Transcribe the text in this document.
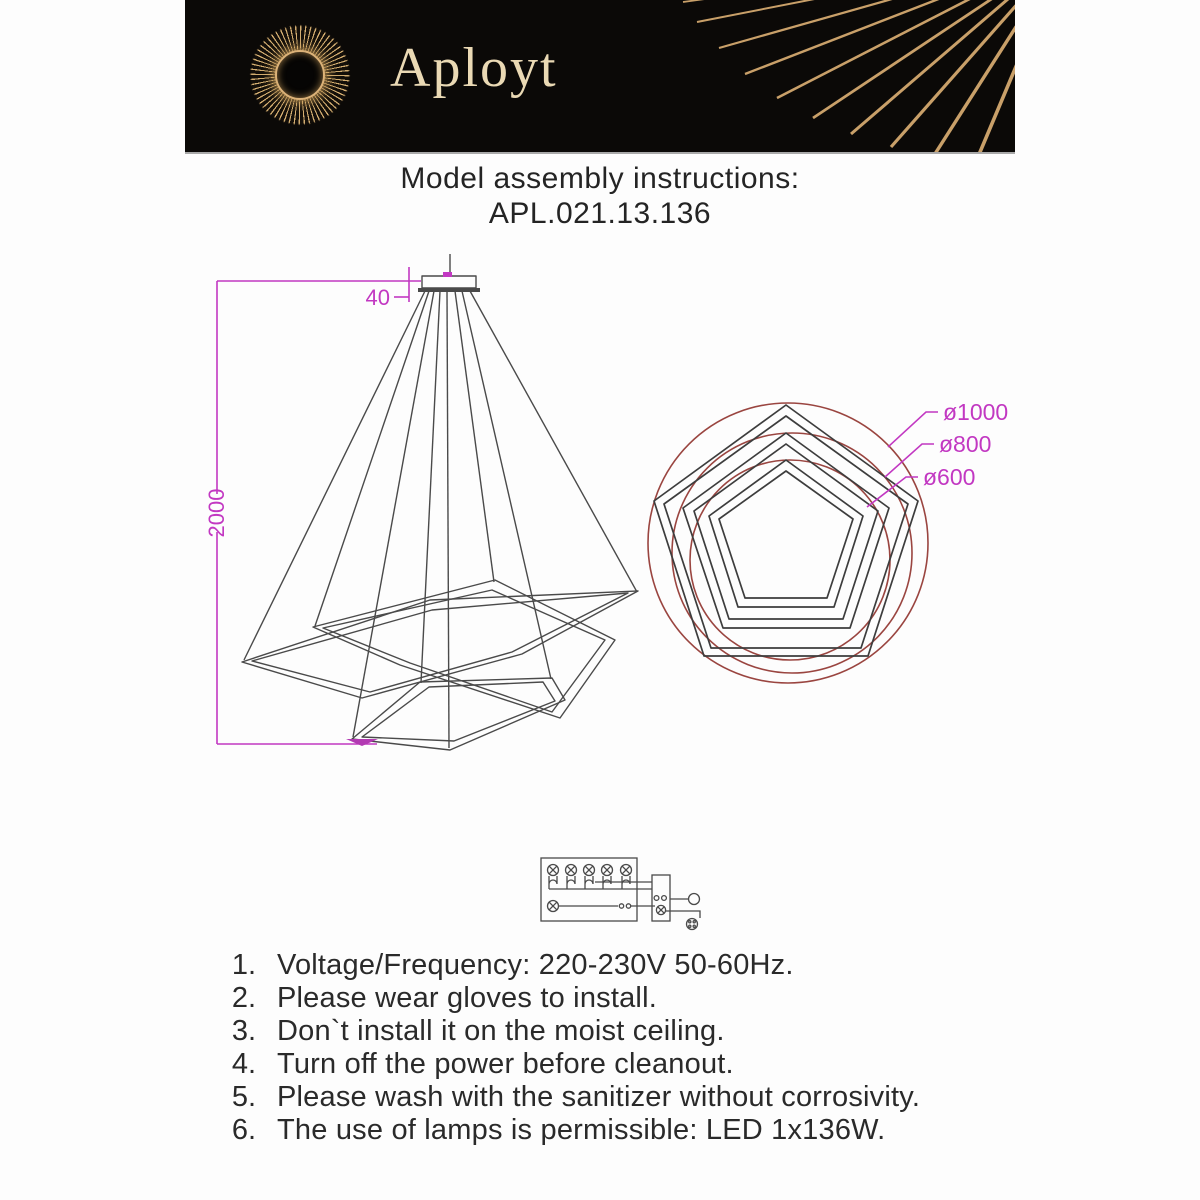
Aployt
Model assembly instructions:
APL.021.13.136
2000
40
ø1000
ø800
ø600
1. Voltage/Frequency: 220-230V 50-60Hz.
2. Please wear gloves to install.
3. Don`t install it on the moist ceiling.
4. Turn off the power before cleanout.
5. Please wash with the sanitizer without corrosivity.
6. The use of lamps is permissible: LED 1x136W.
